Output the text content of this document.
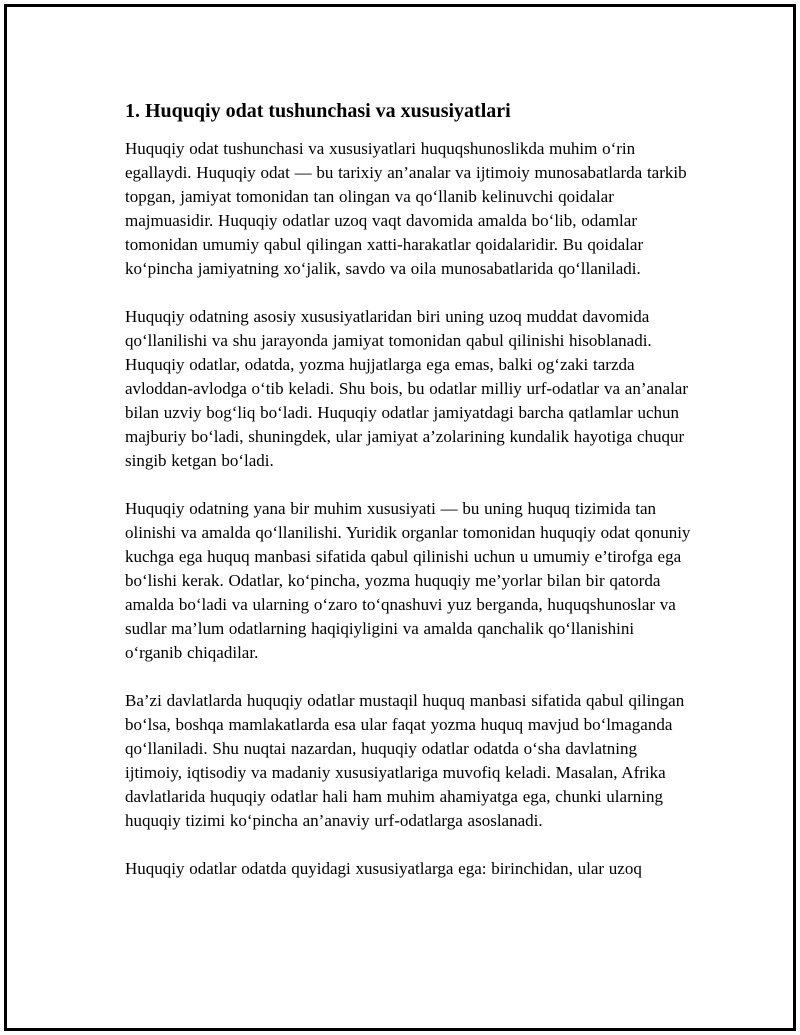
1. Huquqiy odat tushunchasi va xususiyatlari

Huquqiy odat tushunchasi va xususiyatlari huquqshunoslikda muhim o‘rin egallaydi. Huquqiy odat — bu tarixiy an’analar va ijtimoiy munosabatlarda tarkib topgan, jamiyat tomonidan tan olingan va qo‘llanib kelinuvchi qoidalar majmuasidir. Huquqiy odatlar uzoq vaqt davomida amalda bo‘lib, odamlar tomonidan umumiy qabul qilingan xatti-harakatlar qoidalaridir. Bu qoidalar ko‘pincha jamiyatning xo‘jalik, savdo va oila munosabatlarida qo‘llaniladi.

Huquqiy odatning asosiy xususiyatlaridan biri uning uzoq muddat davomida qo‘llanilishi va shu jarayonda jamiyat tomonidan qabul qilinishi hisoblanadi. Huquqiy odatlar, odatda, yozma hujjatlarga ega emas, balki og‘zaki tarzda avloddan-avlodga o‘tib keladi. Shu bois, bu odatlar milliy urf-odatlar va an’analar bilan uzviy bog‘liq bo‘ladi. Huquqiy odatlar jamiyatdagi barcha qatlamlar uchun majburiy bo‘ladi, shuningdek, ular jamiyat a’zolarining kundalik hayotiga chuqur singib ketgan bo‘ladi.

Huquqiy odatning yana bir muhim xususiyati — bu uning huquq tizimida tan olinishi va amalda qo‘llanilishi. Yuridik organlar tomonidan huquqiy odat qonuniy kuchga ega huquq manbasi sifatida qabul qilinishi uchun u umumiy e’tirofga ega bo‘lishi kerak. Odatlar, ko‘pincha, yozma huquqiy me’yorlar bilan bir qatorda amalda bo‘ladi va ularning o‘zaro to‘qnashuvi yuz berganda, huquqshunoslar va sudlar ma’lum odatlarning haqiqiyligini va amalda qanchalik qo‘llanishini o‘rganib chiqadilar.

Ba’zi davlatlarda huquqiy odatlar mustaqil huquq manbasi sifatida qabul qilingan bo‘lsa, boshqa mamlakatlarda esa ular faqat yozma huquq mavjud bo‘lmaganda qo‘llaniladi. Shu nuqtai nazardan, huquqiy odatlar odatda o‘sha davlatning ijtimoiy, iqtisodiy va madaniy xususiyatlariga muvofiq keladi. Masalan, Afrika davlatlarida huquqiy odatlar hali ham muhim ahamiyatga ega, chunki ularning huquqiy tizimi ko‘pincha an’anaviy urf-odatlarga asoslanadi.

Huquqiy odatlar odatda quyidagi xususiyatlarga ega: birinchidan, ular uzoq
